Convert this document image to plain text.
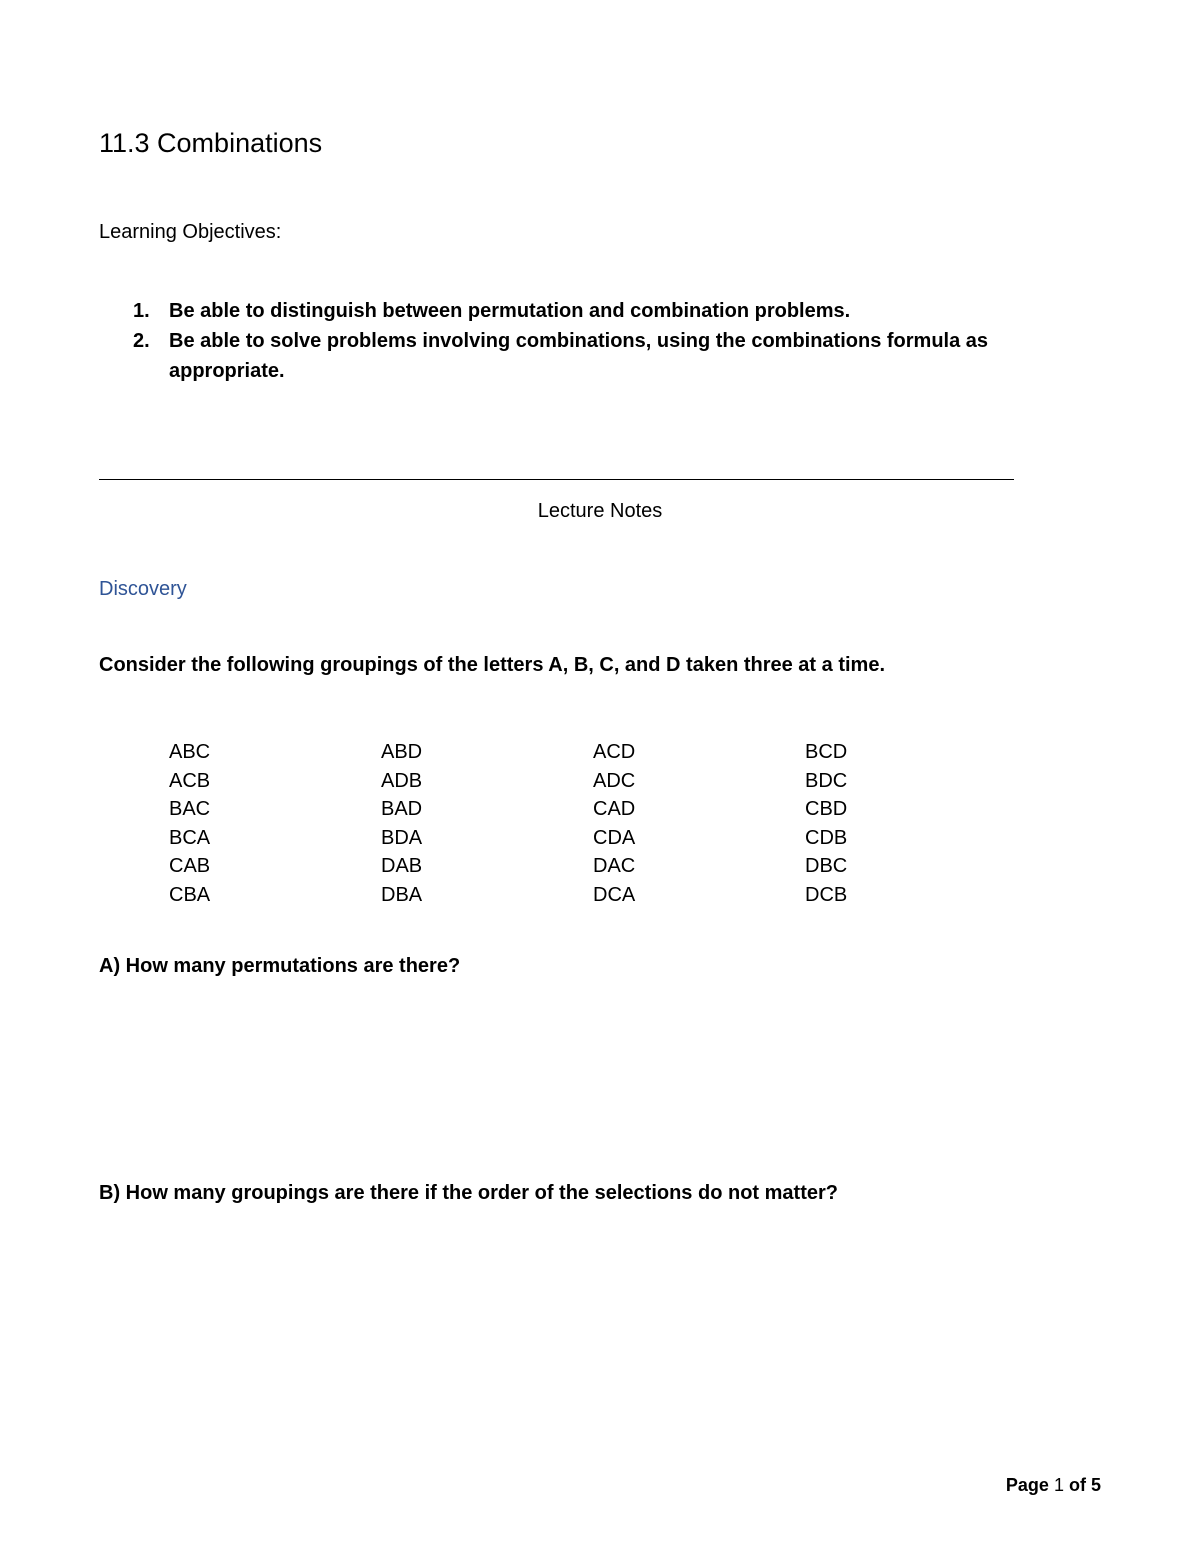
11.3 Combinations
Learning Objectives:
1. Be able to distinguish between permutation and combination problems.
2. Be able to solve problems involving combinations, using the combinations formula as appropriate.
Lecture Notes
Discovery
Consider the following groupings of the letters A, B, C, and D taken three at a time.
ABC	ABD	ACD	BCD
ACB	ADB	ADC	BDC
BAC	BAD	CAD	CBD
BCA	BDA	CDA	CDB
CAB	DAB	DAC	DBC
CBA	DBA	DCA	DCB
A) How many permutations are there?
B) How many groupings are there if the order of the selections do not matter?
Page 1 of 5
